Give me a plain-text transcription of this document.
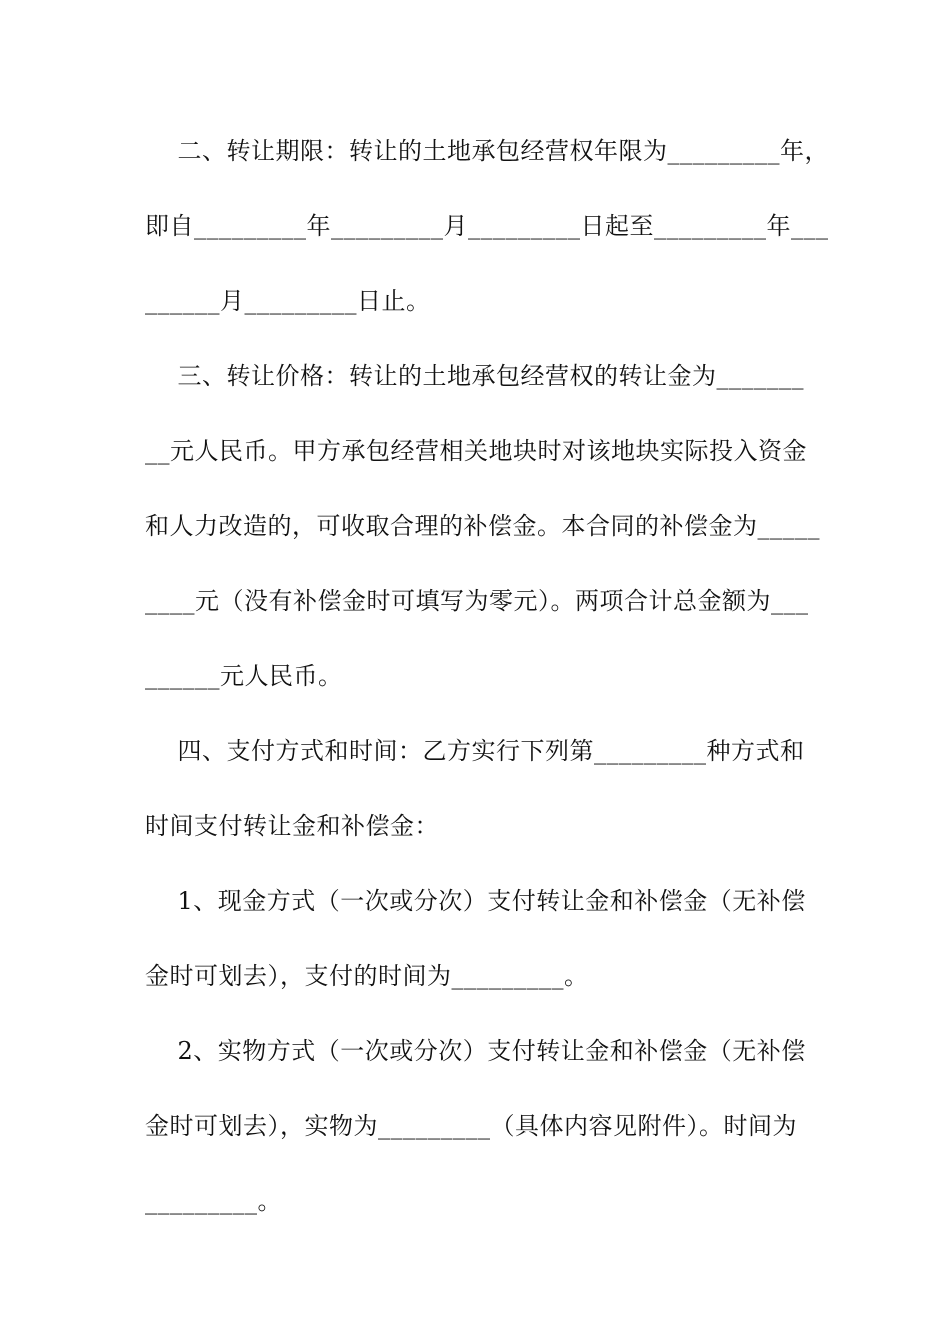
二、转让期限：转让的土地承包经营权年限为_________年，
即自_________年_________月_________日起至_________年___
______月_________日止。
三、转让价格：转让的土地承包经营权的转让金为_______
__元人民币。甲方承包经营相关地块时对该地块实际投入资金
和人力改造的，可收取合理的补偿金。本合同的补偿金为_____
____元（没有补偿金时可填写为零元）。两项合计总金额为___
______元人民币。
四、支付方式和时间：乙方实行下列第_________种方式和
时间支付转让金和补偿金：
1、现金方式（一次或分次）支付转让金和补偿金（无补偿
金时可划去），支付的时间为_________。
2、实物方式（一次或分次）支付转让金和补偿金（无补偿
金时可划去），实物为_________（具体内容见附件）。时间为
_________。
